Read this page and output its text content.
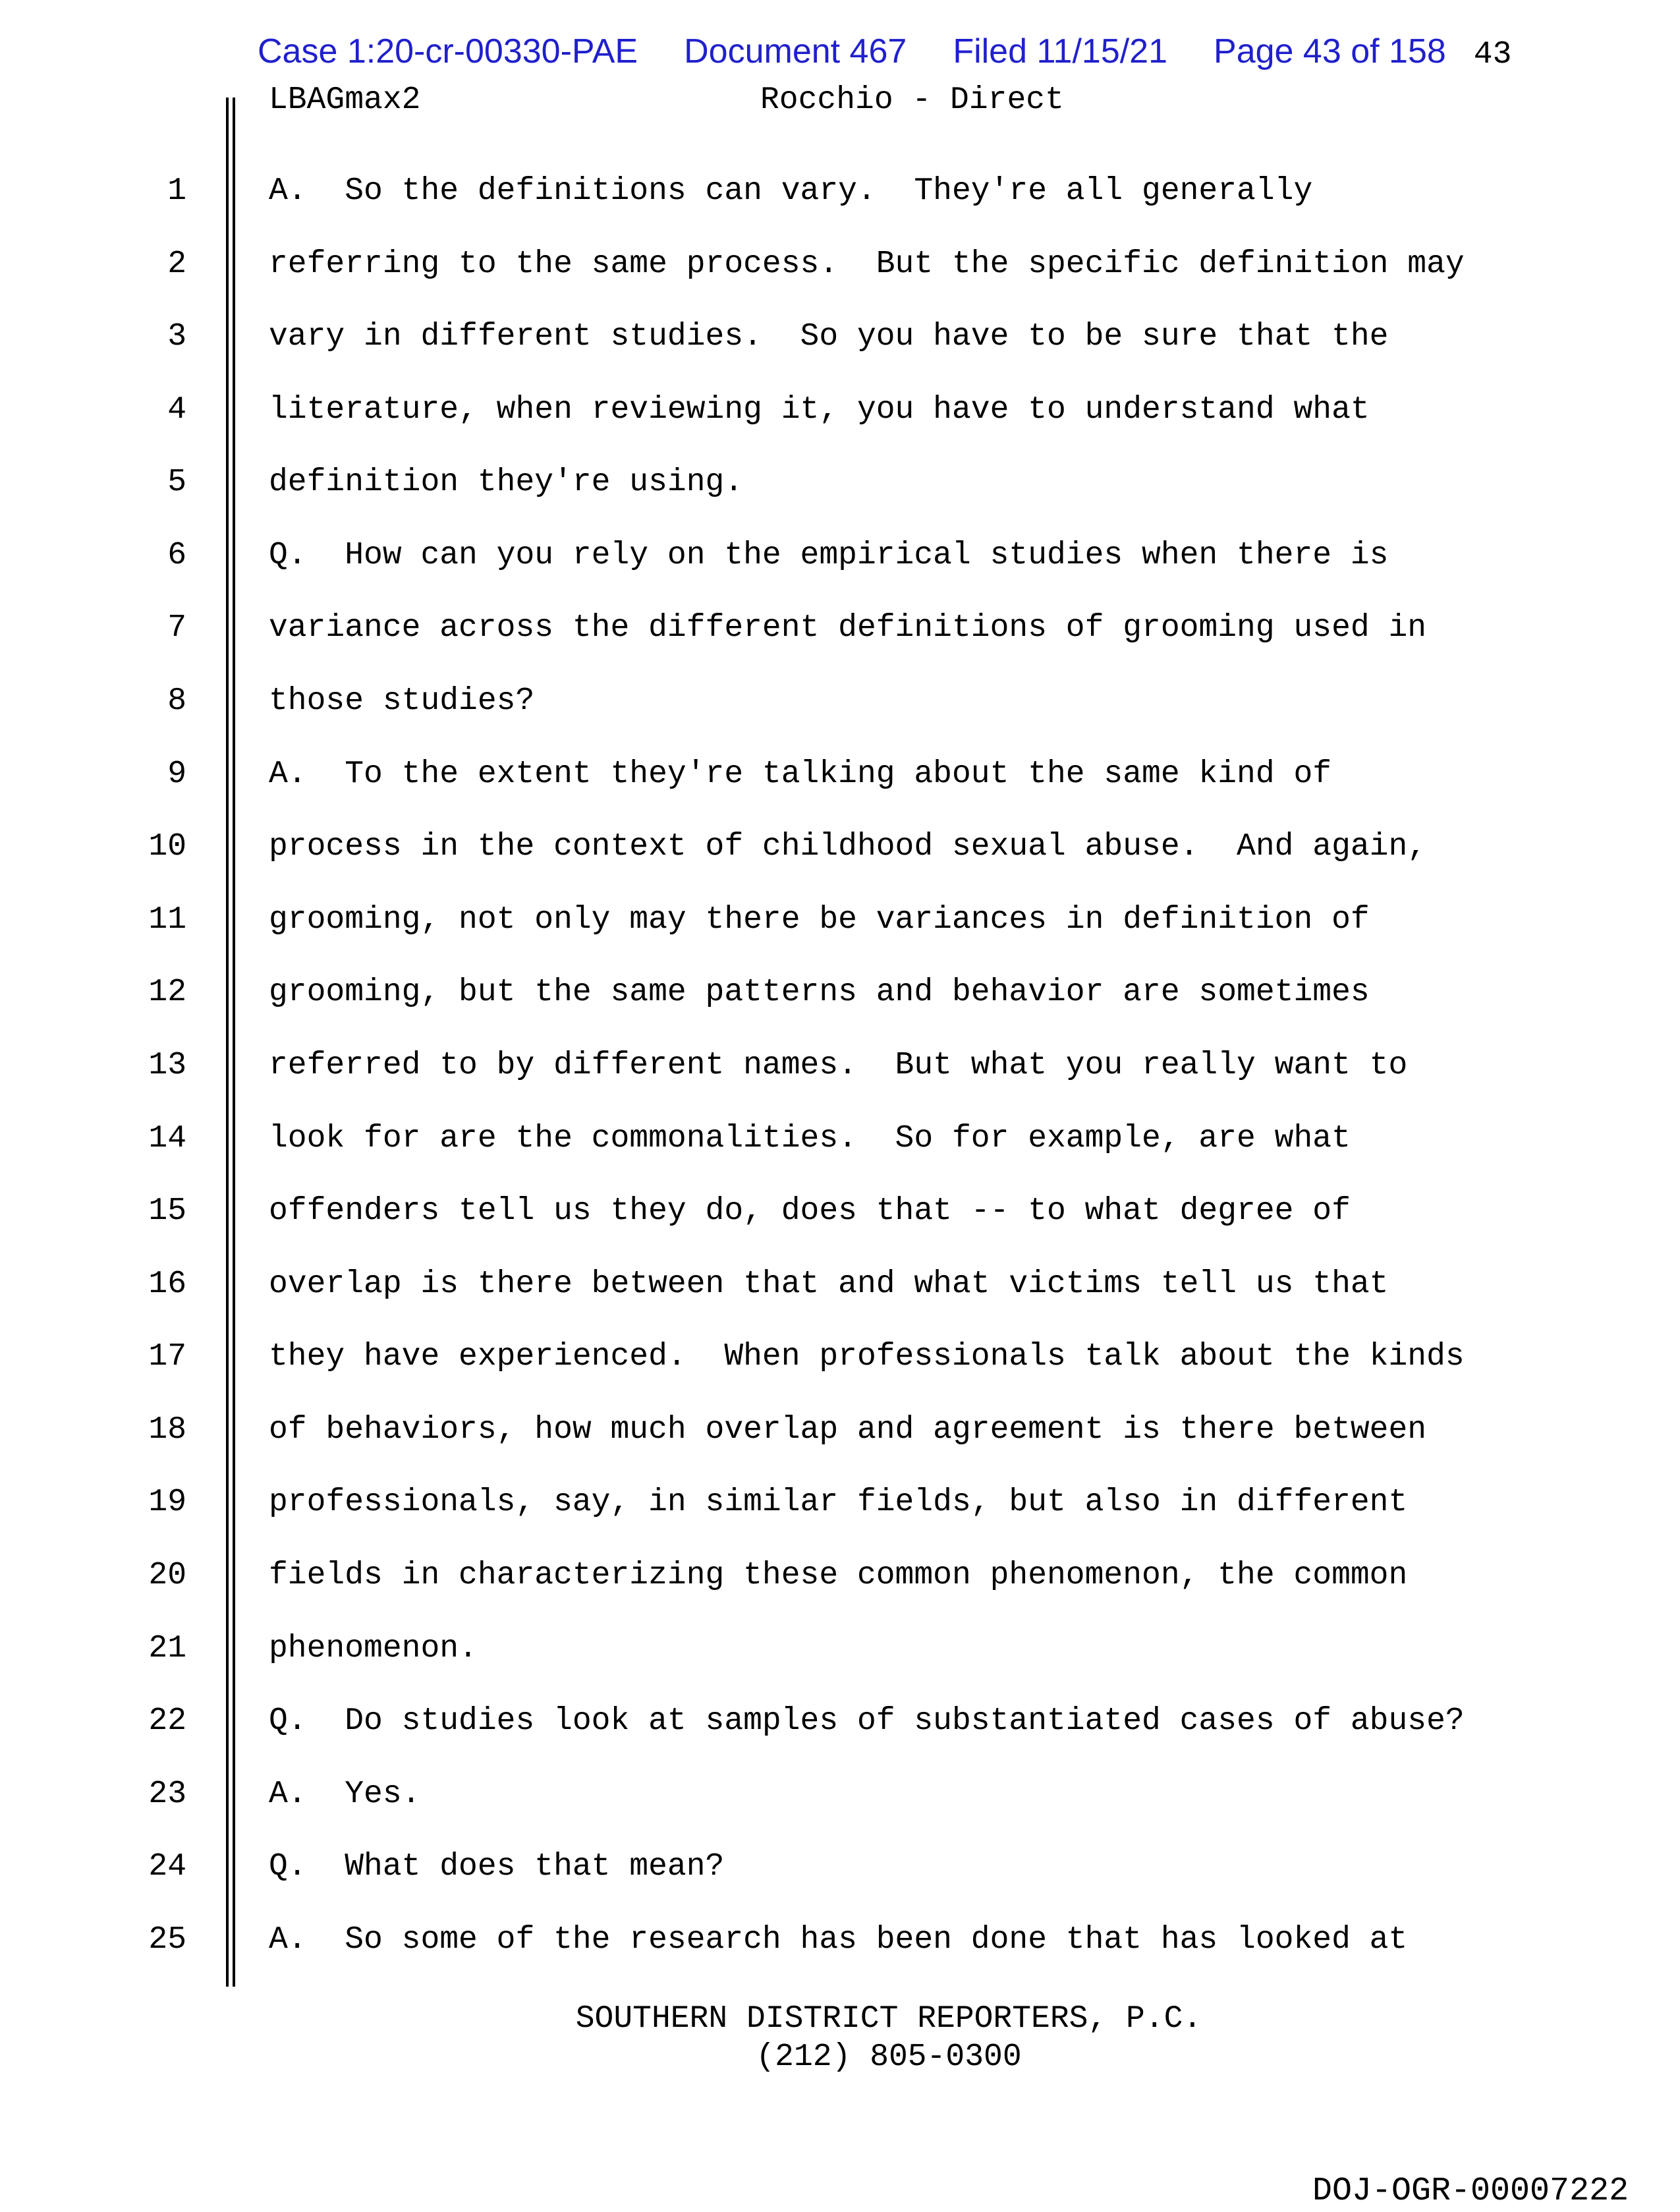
Case 1:20-cr-00330-PAE Document 467 Filed 11/15/21 Page 43 of 158 43
LBAGmax2	Rocchio - Direct
1	A.  So the definitions can vary.  They're all generally
2	referring to the same process.  But the specific definition may
3	vary in different studies.  So you have to be sure that the
4	literature, when reviewing it, you have to understand what
5	definition they're using.
6	Q.  How can you rely on the empirical studies when there is
7	variance across the different definitions of grooming used in
8	those studies?
9	A.  To the extent they're talking about the same kind of
10	process in the context of childhood sexual abuse.  And again,
11	grooming, not only may there be variances in definition of
12	grooming, but the same patterns and behavior are sometimes
13	referred to by different names.  But what you really want to
14	look for are the commonalities.  So for example, are what
15	offenders tell us they do, does that -- to what degree of
16	overlap is there between that and what victims tell us that
17	they have experienced.  When professionals talk about the kinds
18	of behaviors, how much overlap and agreement is there between
19	professionals, say, in similar fields, but also in different
20	fields in characterizing these common phenomenon, the common
21	phenomenon.
22	Q.  Do studies look at samples of substantiated cases of abuse?
23	A.  Yes.
24	Q.  What does that mean?
25	A.  So some of the research has been done that has looked at
SOUTHERN DISTRICT REPORTERS, P.C.
(212) 805-0300
DOJ-OGR-00007222
